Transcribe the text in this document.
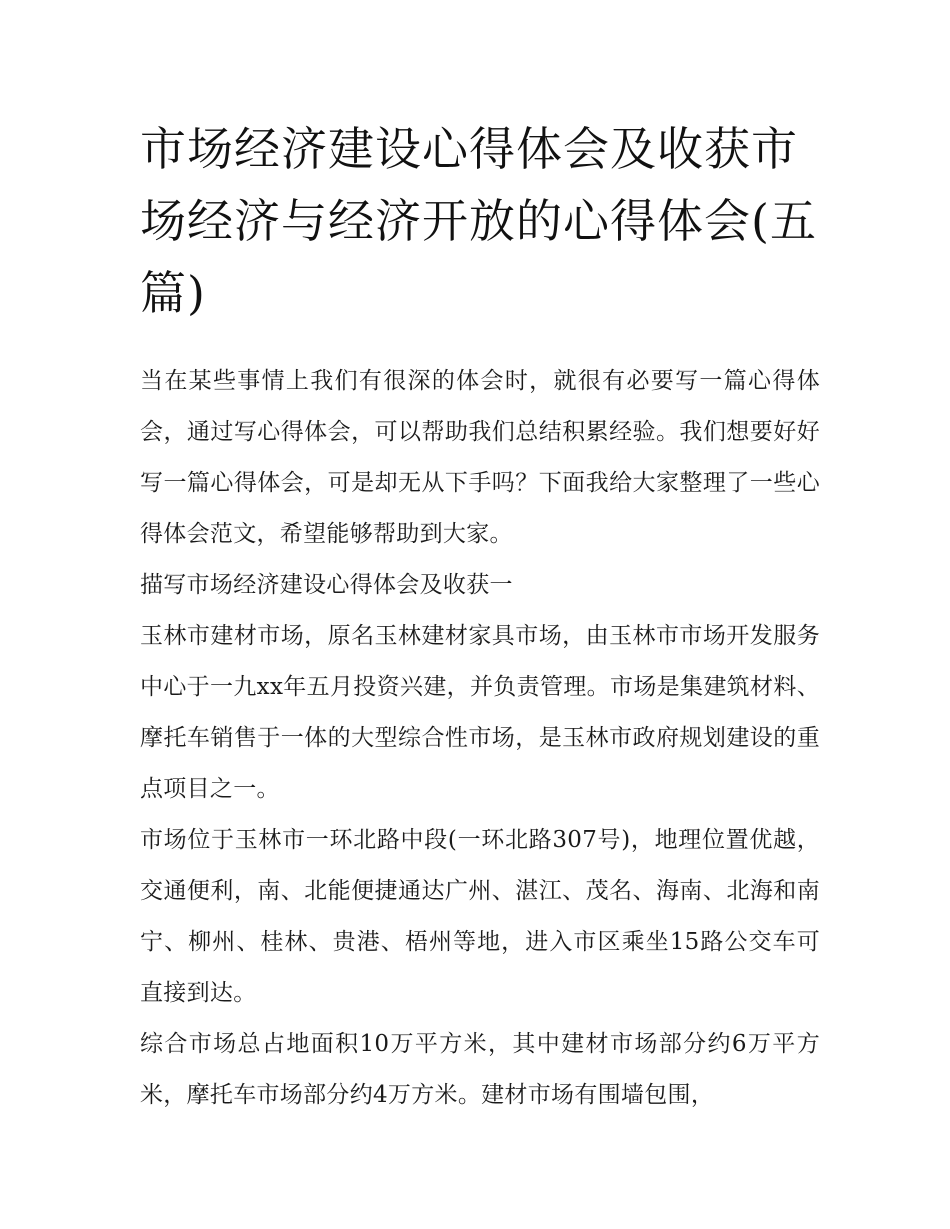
市场经济建设心得体会及收获市场经济与经济开放的心得体会(五篇)

当在某些事情上我们有很深的体会时，就很有必要写一篇心得体会，通过写心得体会，可以帮助我们总结积累经验。我们想要好好写一篇心得体会，可是却无从下手吗？下面我给大家整理了一些心得体会范文，希望能够帮助到大家。

描写市场经济建设心得体会及收获一

玉林市建材市场，原名玉林建材家具市场，由玉林市市场开发服务中心于一九xx年五月投资兴建，并负责管理。市场是集建筑材料、摩托车销售于一体的大型综合性市场，是玉林市政府规划建设的重点项目之一。

市场位于玉林市一环北路中段(一环北路307号)，地理位置优越，交通便利，南、北能便捷通达广州、湛江、茂名、海南、北海和南宁、柳州、桂林、贵港、梧州等地，进入市区乘坐15路公交车可直接到达。

综合市场总占地面积10万平方米，其中建材市场部分约6万平方米，摩托车市场部分约4万方米。建材市场有围墙包围，
